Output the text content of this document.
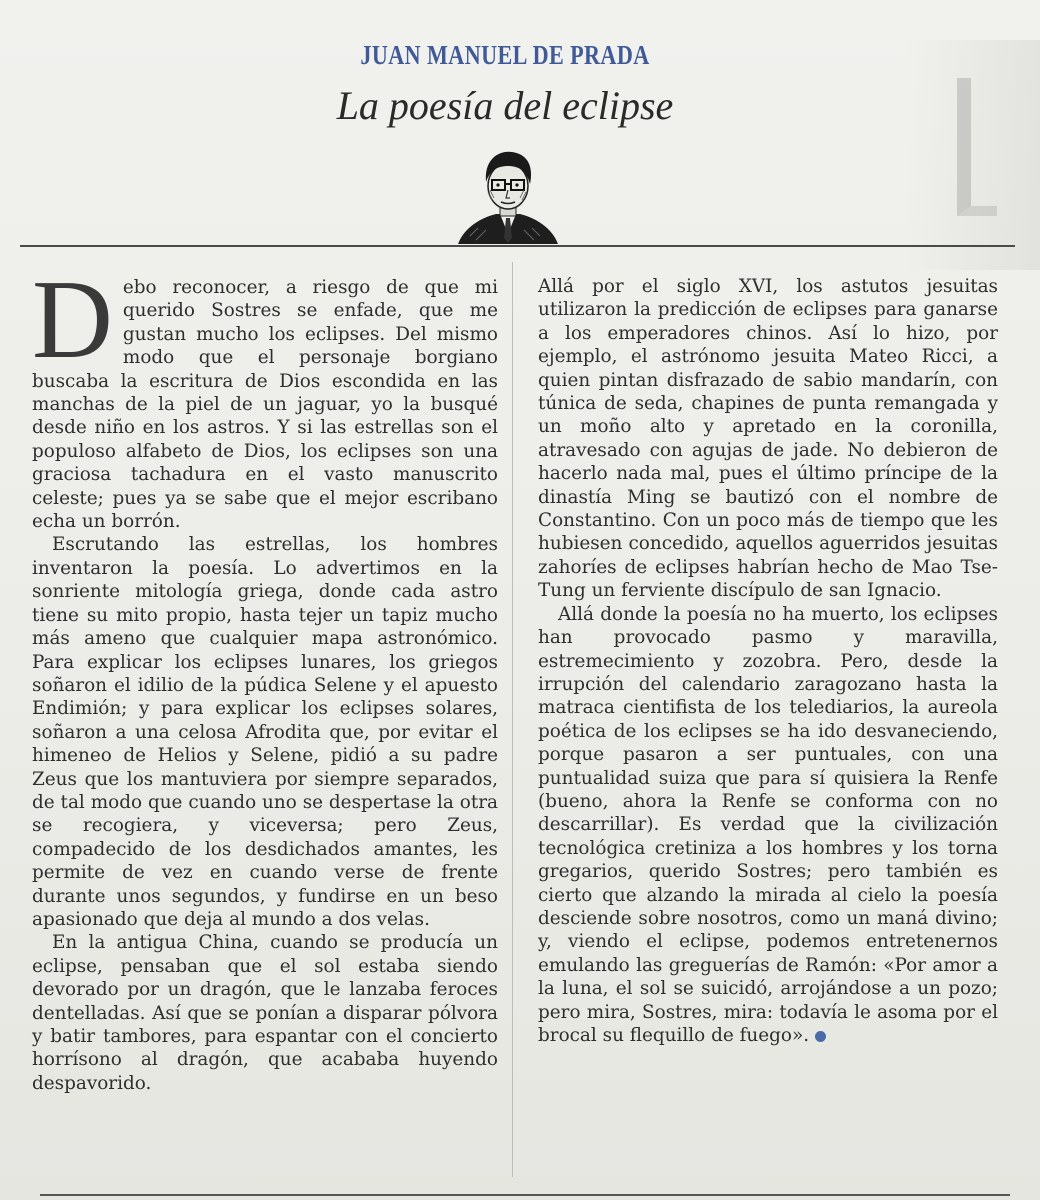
JUAN MANUEL DE PRADA
La poesía del eclipse

Debo reconocer, a riesgo de que mi querido Sostres se enfade, que me gustan mucho los eclipses. Del mismo modo que el personaje borgiano buscaba la escritura de Dios escondida en las manchas de la piel de un jaguar, yo la busqué desde niño en los astros. Y si las estrellas son el populoso alfabeto de Dios, los eclipses son una graciosa tachadura en el vasto manuscrito celeste; pues ya se sabe que el mejor escribano echa un borrón.

Escrutando las estrellas, los hombres inventaron la poesía. Lo advertimos en la sonriente mitología griega, donde cada astro tiene su mito propio, hasta tejer un tapiz mucho más ameno que cualquier mapa astronómico. Para explicar los eclipses lunares, los griegos soñaron el idilio de la púdica Selene y el apuesto Endimión; y para explicar los eclipses solares, soñaron a una celosa Afrodita que, por evitar el himeneo de Helios y Selene, pidió a su padre Zeus que los mantuviera por siempre separados, de tal modo que cuando uno se despertase la otra se recogiera, y viceversa; pero Zeus, compadecido de los desdichados amantes, les permite de vez en cuando verse de frente durante unos segundos, y fundirse en un beso apasionado que deja al mundo a dos velas.

En la antigua China, cuando se producía un eclipse, pensaban que el sol estaba siendo devorado por un dragón, que le lanzaba feroces dentelladas. Así que se ponían a disparar pólvora y batir tambores, para espantar con el concierto horrísono al dragón, que acababa huyendo despavorido.

Allá por el siglo XVI, los astutos jesuitas utilizaron la predicción de eclipses para ganarse a los emperadores chinos. Así lo hizo, por ejemplo, el astrónomo jesuita Mateo Ricci, a quien pintan disfrazado de sabio mandarín, con túnica de seda, chapines de punta remangada y un moño alto y apretado en la coronilla, atravesado con agujas de jade. No debieron de hacerlo nada mal, pues el último príncipe de la dinastía Ming se bautizó con el nombre de Constantino. Con un poco más de tiempo que les hubiesen concedido, aquellos aguerridos jesuitas zahoríes de eclipses habrían hecho de Mao Tse-Tung un ferviente discípulo de san Ignacio.

Allá donde la poesía no ha muerto, los eclipses han provocado pasmo y maravilla, estremecimiento y zozobra. Pero, desde la irrupción del calendario zaragozano hasta la matraca cientifista de los telediarios, la aureola poética de los eclipses se ha ido desvaneciendo, porque pasaron a ser puntuales, con una puntualidad suiza que para sí quisiera la Renfe (bueno, ahora la Renfe se conforma con no descarrillar). Es verdad que la civilización tecnológica cretiniza a los hombres y los torna gregarios, querido Sostres; pero también es cierto que alzando la mirada al cielo la poesía desciende sobre nosotros, como un maná divino; y, viendo el eclipse, podemos entretenernos emulando las greguerías de Ramón: «Por amor a la luna, el sol se suicidó, arrojándose a un pozo; pero mira, Sostres, mira: todavía le asoma por el brocal su flequillo de fuego».
